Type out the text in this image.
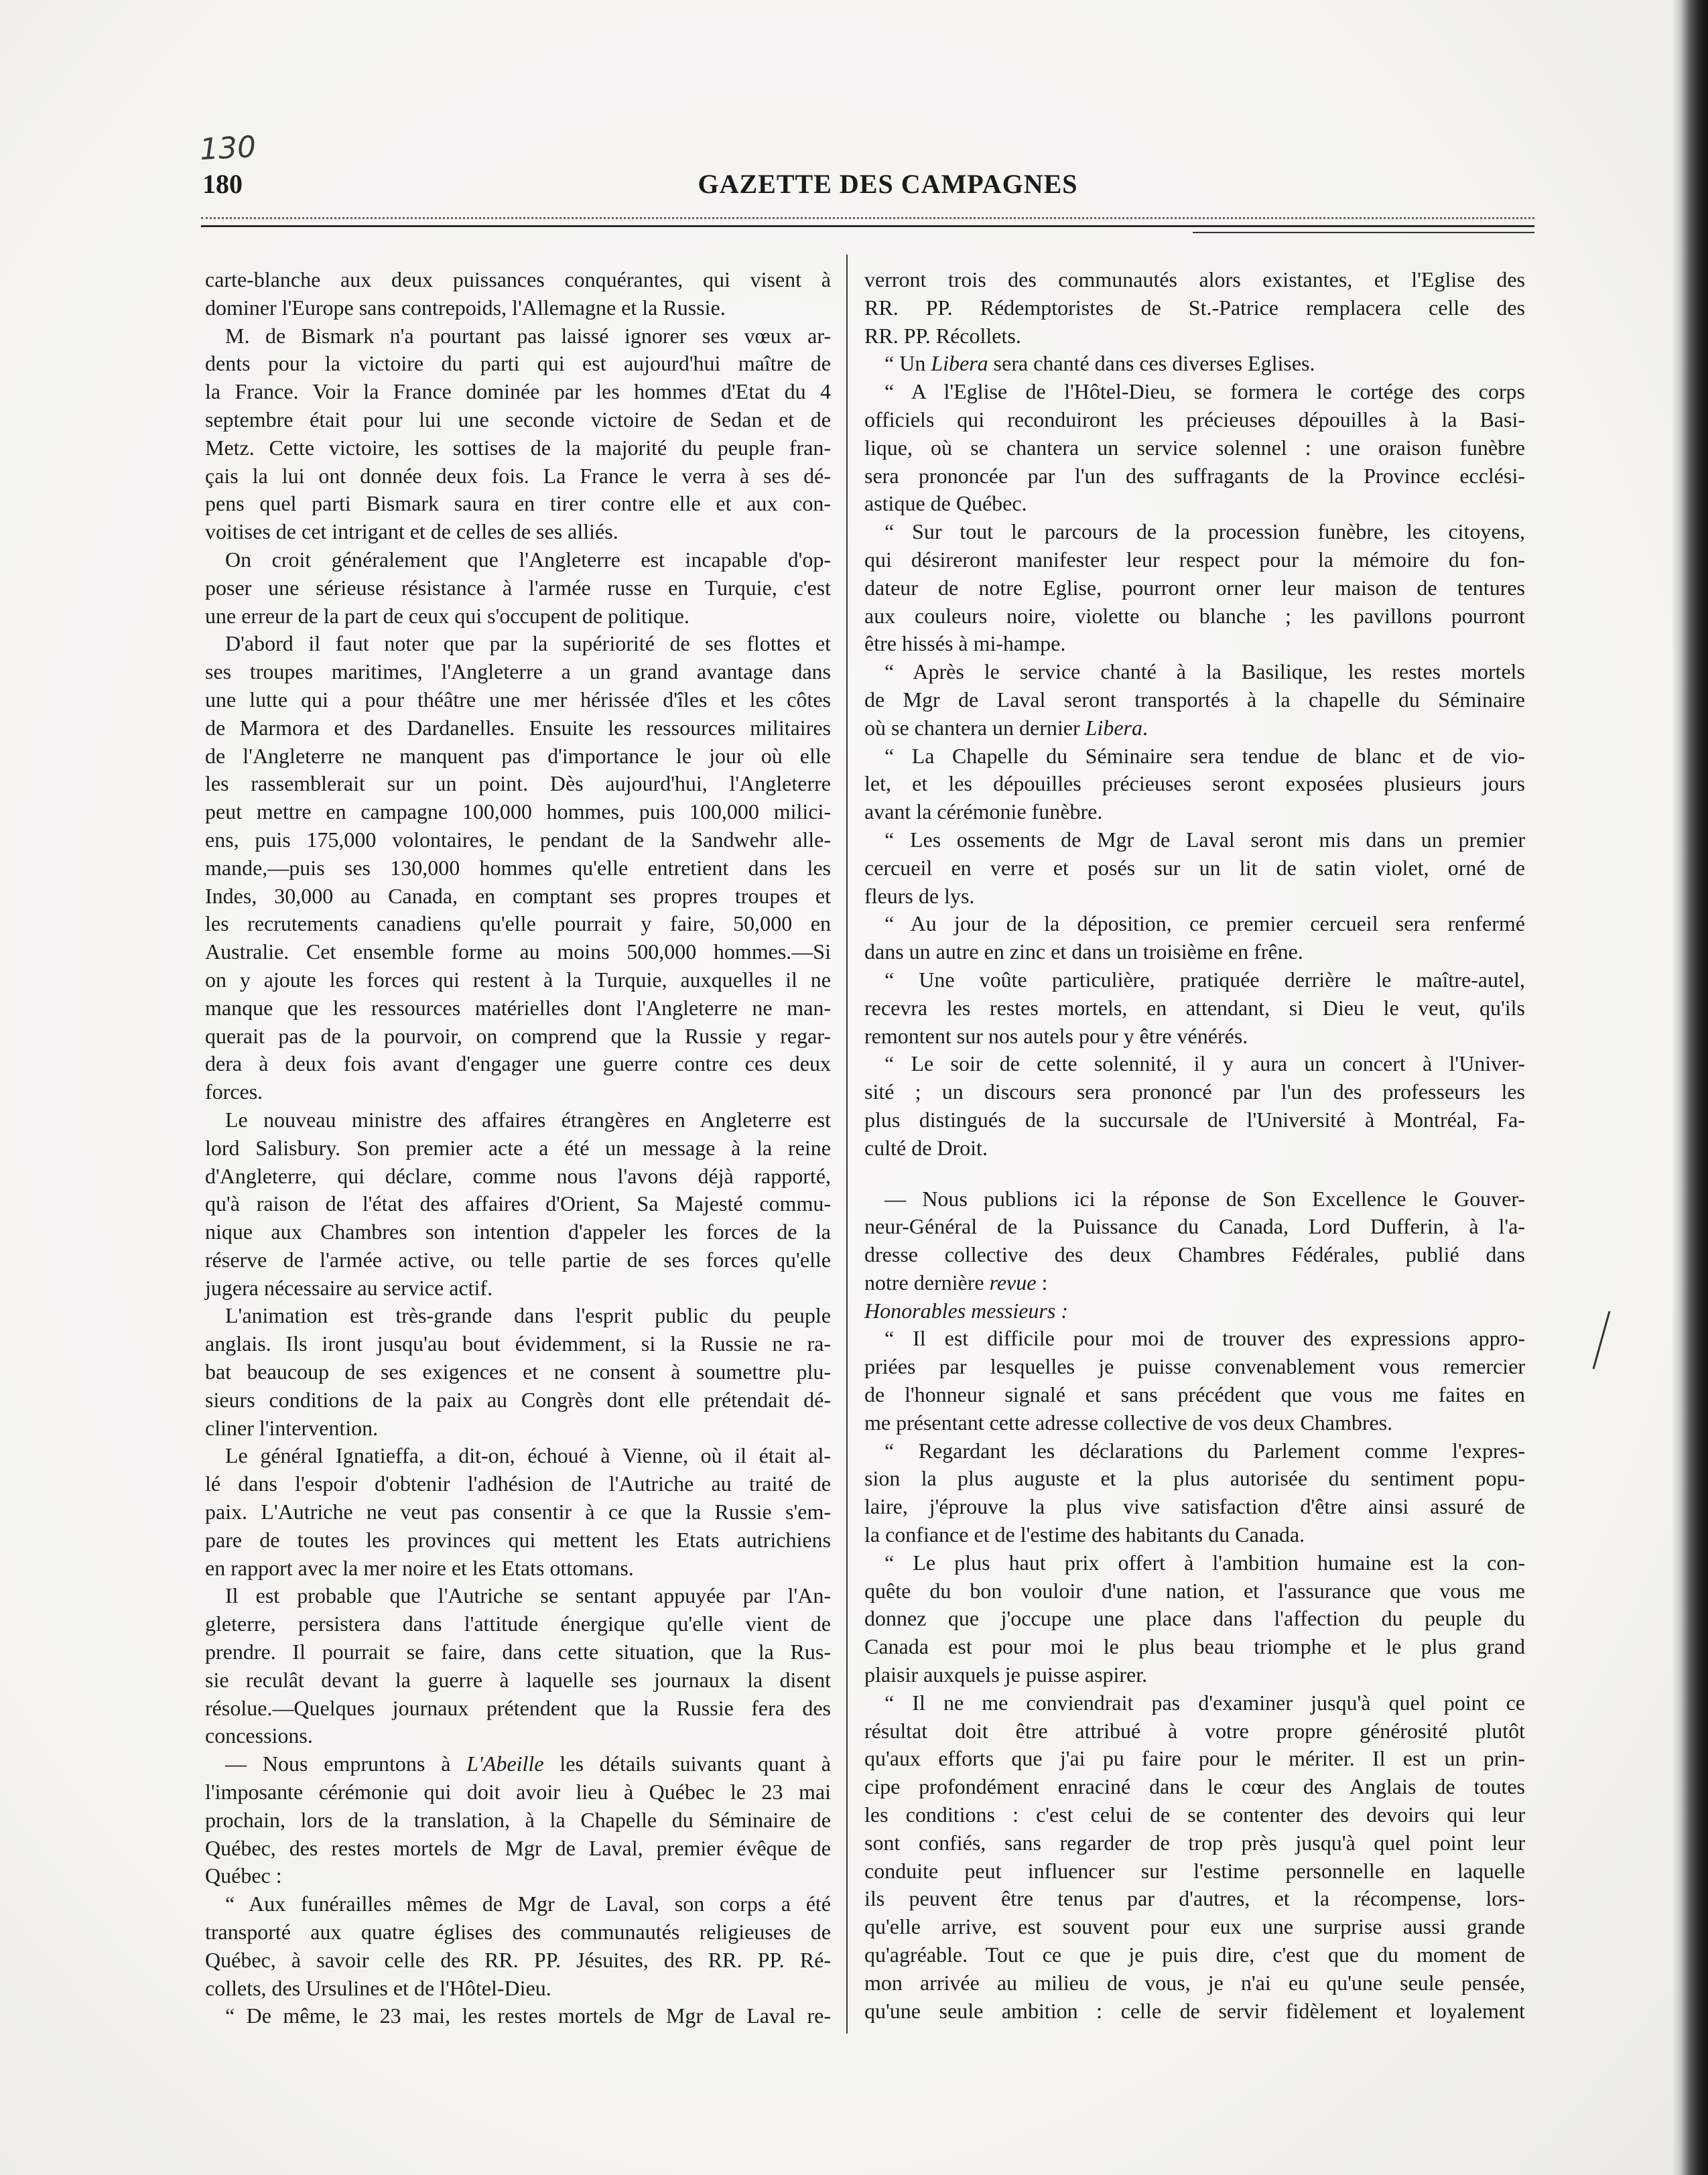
130
180	GAZETTE DES CAMPAGNES
carte-blanche aux deux puissances conquérantes, qui visent à
dominer l'Europe sans contrepoids, l'Allemagne et la Russie.
M. de Bismark n'a pourtant pas laissé ignorer ses vœux ar-
dents pour la victoire du parti qui est aujourd'hui maître de
la France. Voir la France dominée par les hommes d'Etat du 4
septembre était pour lui une seconde victoire de Sedan et de
Metz. Cette victoire, les sottises de la majorité du peuple fran-
çais la lui ont donnée deux fois. La France le verra à ses dé-
pens quel parti Bismark saura en tirer contre elle et aux con-
voitises de cet intrigant et de celles de ses alliés.
On croit généralement que l'Angleterre est incapable d'op-
poser une sérieuse résistance à l'armée russe en Turquie, c'est
une erreur de la part de ceux qui s'occupent de politique.
D'abord il faut noter que par la supériorité de ses flottes et
ses troupes maritimes, l'Angleterre a un grand avantage dans
une lutte qui a pour théâtre une mer hérissée d'îles et les côtes
de Marmora et des Dardanelles. Ensuite les ressources militaires
de l'Angleterre ne manquent pas d'importance le jour où elle
les rassemblerait sur un point. Dès aujourd'hui, l'Angleterre
peut mettre en campagne 100,000 hommes, puis 100,000 milici-
ens, puis 175,000 volontaires, le pendant de la Sandwehr alle-
mande,—puis ses 130,000 hommes qu'elle entretient dans les
Indes, 30,000 au Canada, en comptant ses propres troupes et
les recrutements canadiens qu'elle pourrait y faire, 50,000 en
Australie. Cet ensemble forme au moins 500,000 hommes.—Si
on y ajoute les forces qui restent à la Turquie, auxquelles il ne
manque que les ressources matérielles dont l'Angleterre ne man-
querait pas de la pourvoir, on comprend que la Russie y regar-
dera à deux fois avant d'engager une guerre contre ces deux
forces.
Le nouveau ministre des affaires étrangères en Angleterre est
lord Salisbury. Son premier acte a été un message à la reine
d'Angleterre, qui déclare, comme nous l'avons déjà rapporté,
qu'à raison de l'état des affaires d'Orient, Sa Majesté commu-
nique aux Chambres son intention d'appeler les forces de la
réserve de l'armée active, ou telle partie de ses forces qu'elle
jugera nécessaire au service actif.
L'animation est très-grande dans l'esprit public du peuple
anglais. Ils iront jusqu'au bout évidemment, si la Russie ne ra-
bat beaucoup de ses exigences et ne consent à soumettre plu-
sieurs conditions de la paix au Congrès dont elle prétendait dé-
cliner l'intervention.
Le général Ignatieffa, a dit-on, échoué à Vienne, où il était al-
lé dans l'espoir d'obtenir l'adhésion de l'Autriche au traité de
paix. L'Autriche ne veut pas consentir à ce que la Russie s'em-
pare de toutes les provinces qui mettent les Etats autrichiens
en rapport avec la mer noire et les Etats ottomans.
Il est probable que l'Autriche se sentant appuyée par l'An-
gleterre, persistera dans l'attitude énergique qu'elle vient de
prendre. Il pourrait se faire, dans cette situation, que la Rus-
sie reculât devant la guerre à laquelle ses journaux la disent
résolue.—Quelques journaux prétendent que la Russie fera des
concessions.
— Nous empruntons à L'Abeille les détails suivants quant à
l'imposante cérémonie qui doit avoir lieu à Québec le 23 mai
prochain, lors de la translation, à la Chapelle du Séminaire de
Québec, des restes mortels de Mgr de Laval, premier évêque de
Québec :
“ Aux funérailles mêmes de Mgr de Laval, son corps a été
transporté aux quatre églises des communautés religieuses de
Québec, à savoir celle des RR. PP. Jésuites, des RR. PP. Ré-
collets, des Ursulines et de l'Hôtel-Dieu.
“ De même, le 23 mai, les restes mortels de Mgr de Laval re-
verront trois des communautés alors existantes, et l'Eglise des
RR. PP. Rédemptoristes de St.-Patrice remplacera celle des
RR. PP. Récollets.
“ Un Libera sera chanté dans ces diverses Eglises.
“ A l'Eglise de l'Hôtel-Dieu, se formera le cortége des corps
officiels qui reconduiront les précieuses dépouilles à la Basi-
lique, où se chantera un service solennel : une oraison funèbre
sera prononcée par l'un des suffragants de la Province ecclési-
astique de Québec.
“ Sur tout le parcours de la procession funèbre, les citoyens,
qui désireront manifester leur respect pour la mémoire du fon-
dateur de notre Eglise, pourront orner leur maison de tentures
aux couleurs noire, violette ou blanche ; les pavillons pourront
être hissés à mi-hampe.
“ Après le service chanté à la Basilique, les restes mortels
de Mgr de Laval seront transportés à la chapelle du Séminaire
où se chantera un dernier Libera.
“ La Chapelle du Séminaire sera tendue de blanc et de vio-
let, et les dépouilles précieuses seront exposées plusieurs jours
avant la cérémonie funèbre.
“ Les ossements de Mgr de Laval seront mis dans un premier
cercueil en verre et posés sur un lit de satin violet, orné de
fleurs de lys.
“ Au jour de la déposition, ce premier cercueil sera renfermé
dans un autre en zinc et dans un troisième en frêne.
“ Une voûte particulière, pratiquée derrière le maître-autel,
recevra les restes mortels, en attendant, si Dieu le veut, qu'ils
remontent sur nos autels pour y être vénérés.
“ Le soir de cette solennité, il y aura un concert à l'Univer-
sité ; un discours sera prononcé par l'un des professeurs les
plus distingués de la succursale de l'Université à Montréal, Fa-
culté de Droit.
— Nous publions ici la réponse de Son Excellence le Gouver-
neur-Général de la Puissance du Canada, Lord Dufferin, à l'a-
dresse collective des deux Chambres Fédérales, publié dans
notre dernière revue :
Honorables messieurs :
“ Il est difficile pour moi de trouver des expressions appro-
priées par lesquelles je puisse convenablement vous remercier
de l'honneur signalé et sans précédent que vous me faites en
me présentant cette adresse collective de vos deux Chambres.
“ Regardant les déclarations du Parlement comme l'expres-
sion la plus auguste et la plus autorisée du sentiment popu-
laire, j'éprouve la plus vive satisfaction d'être ainsi assuré de
la confiance et de l'estime des habitants du Canada.
“ Le plus haut prix offert à l'ambition humaine est la con-
quête du bon vouloir d'une nation, et l'assurance que vous me
donnez que j'occupe une place dans l'affection du peuple du
Canada est pour moi le plus beau triomphe et le plus grand
plaisir auxquels je puisse aspirer.
“ Il ne me conviendrait pas d'examiner jusqu'à quel point ce
résultat doit être attribué à votre propre générosité plutôt
qu'aux efforts que j'ai pu faire pour le mériter. Il est un prin-
cipe profondément enraciné dans le cœur des Anglais de toutes
les conditions : c'est celui de se contenter des devoirs qui leur
sont confiés, sans regarder de trop près jusqu'à quel point leur
conduite peut influencer sur l'estime personnelle en laquelle
ils peuvent être tenus par d'autres, et la récompense, lors-
qu'elle arrive, est souvent pour eux une surprise aussi grande
qu'agréable. Tout ce que je puis dire, c'est que du moment de
mon arrivée au milieu de vous, je n'ai eu qu'une seule pensée,
qu'une seule ambition : celle de servir fidèlement et loyalement
